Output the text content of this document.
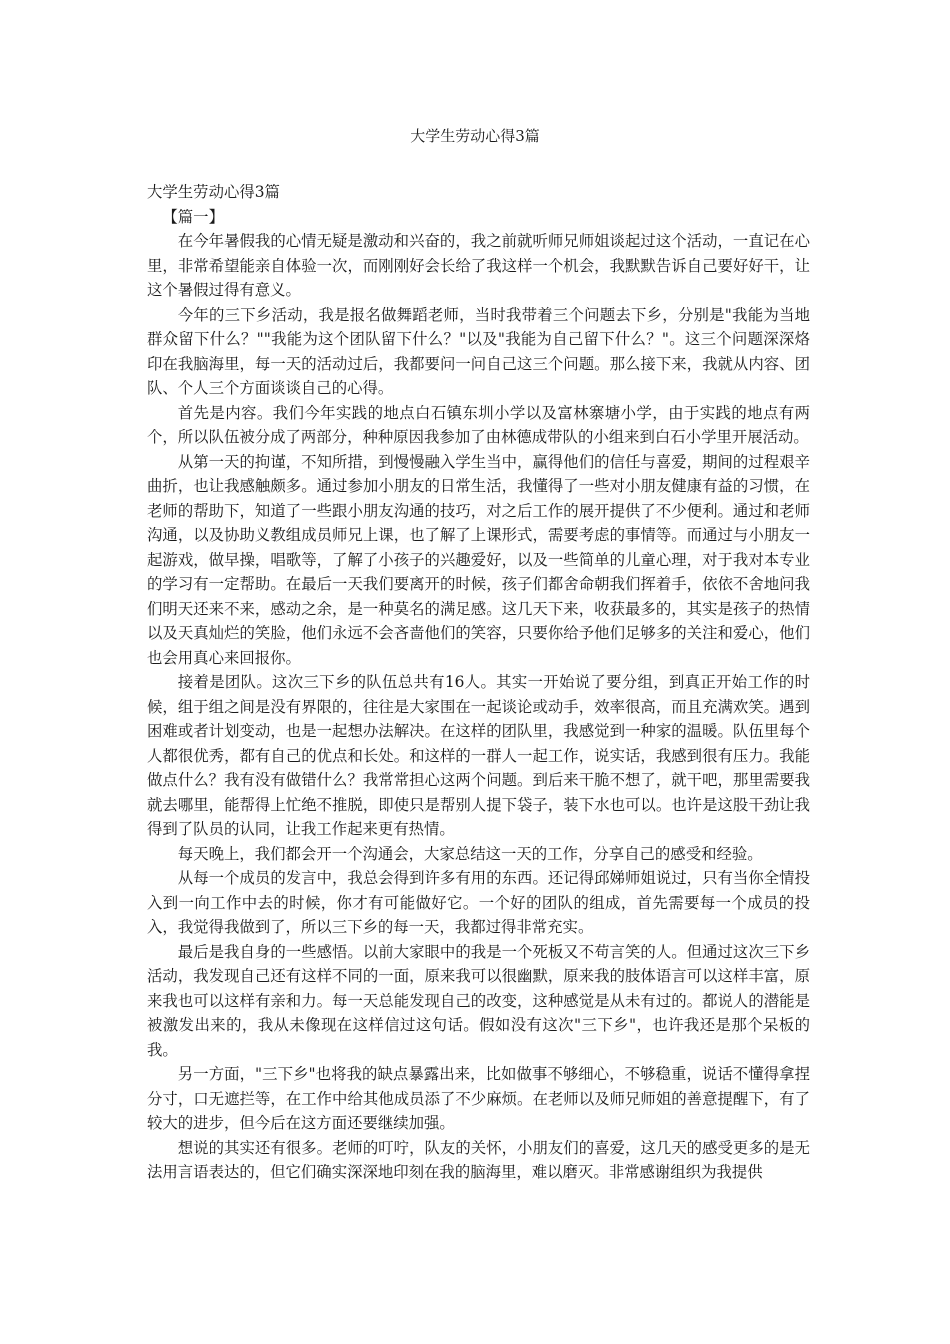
大学生劳动心得3篇

大学生劳动心得3篇

【篇一】

在今年暑假我的心情无疑是激动和兴奋的，我之前就听师兄师姐谈起过这个活动，一直记在心里，非常希望能亲自体验一次，而刚刚好会长给了我这样一个机会，我默默告诉自己要好好干，让这个暑假过得有意义。

今年的三下乡活动，我是报名做舞蹈老师，当时我带着三个问题去下乡，分别是"我能为当地群众留下什么？""我能为这个团队留下什么？"以及"我能为自己留下什么？"。这三个问题深深烙印在我脑海里，每一天的活动过后，我都要问一问自己这三个问题。那么接下来，我就从内容、团队、个人三个方面谈谈自己的心得。

首先是内容。我们今年实践的地点白石镇东圳小学以及富林寨塘小学，由于实践的地点有两个，所以队伍被分成了两部分，种种原因我参加了由林德成带队的小组来到白石小学里开展活动。

从第一天的拘谨，不知所措，到慢慢融入学生当中，赢得他们的信任与喜爱，期间的过程艰辛曲折，也让我感触颇多。通过参加小朋友的日常生活，我懂得了一些对小朋友健康有益的习惯，在老师的帮助下，知道了一些跟小朋友沟通的技巧，对之后工作的展开提供了不少便利。通过和老师沟通，以及协助义教组成员师兄上课，也了解了上课形式，需要考虑的事情等。而通过与小朋友一起游戏，做早操，唱歌等，了解了小孩子的兴趣爱好，以及一些简单的儿童心理，对于我对本专业的学习有一定帮助。在最后一天我们要离开的时候，孩子们都舍命朝我们挥着手，依依不舍地问我们明天还来不来，感动之余，是一种莫名的满足感。这几天下来，收获最多的，其实是孩子的热情以及天真灿烂的笑脸，他们永远不会吝啬他们的笑容，只要你给予他们足够多的关注和爱心，他们也会用真心来回报你。

接着是团队。这次三下乡的队伍总共有16人。其实一开始说了要分组，到真正开始工作的时候，组于组之间是没有界限的，往往是大家围在一起谈论或动手，效率很高，而且充满欢笑。遇到困难或者计划变动，也是一起想办法解决。在这样的团队里，我感觉到一种家的温暖。队伍里每个人都很优秀，都有自己的优点和长处。和这样的一群人一起工作，说实话，我感到很有压力。我能做点什么？我有没有做错什么？我常常担心这两个问题。到后来干脆不想了，就干吧，那里需要我就去哪里，能帮得上忙绝不推脱，即使只是帮别人提下袋子，装下水也可以。也许是这股干劲让我得到了队员的认同，让我工作起来更有热情。

每天晚上，我们都会开一个沟通会，大家总结这一天的工作，分享自己的感受和经验。

从每一个成员的发言中，我总会得到许多有用的东西。还记得邱娣师姐说过，只有当你全情投入到一向工作中去的时候，你才有可能做好它。一个好的团队的组成，首先需要每一个成员的投入，我觉得我做到了，所以三下乡的每一天，我都过得非常充实。

最后是我自身的一些感悟。以前大家眼中的我是一个死板又不苟言笑的人。但通过这次三下乡活动，我发现自己还有这样不同的一面，原来我可以很幽默，原来我的肢体语言可以这样丰富，原来我也可以这样有亲和力。每一天总能发现自己的改变，这种感觉是从未有过的。都说人的潜能是被激发出来的，我从未像现在这样信过这句话。假如没有这次"三下乡"，也许我还是那个呆板的我。

另一方面，"三下乡"也将我的缺点暴露出来，比如做事不够细心，不够稳重，说话不懂得拿捏分寸，口无遮拦等，在工作中给其他成员添了不少麻烦。在老师以及师兄师姐的善意提醒下，有了较大的进步，但今后在这方面还要继续加强。

想说的其实还有很多。老师的叮咛，队友的关怀，小朋友们的喜爱，这几天的感受更多的是无法用言语表达的，但它们确实深深地印刻在我的脑海里，难以磨灭。非常感谢组织为我提供
